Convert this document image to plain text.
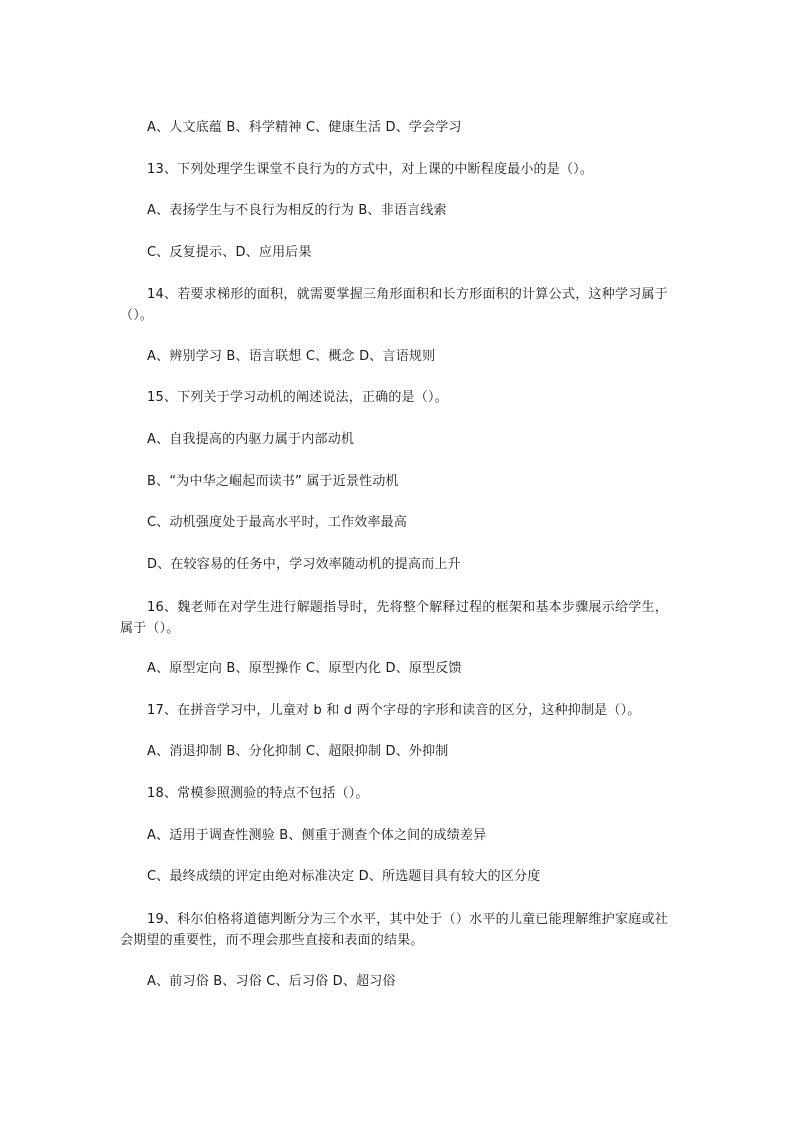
A、人文底蕴 B、科学精神 C、健康生活 D、学会学习
13、下列处理学生课堂不良行为的方式中，对上课的中断程度最小的是（）。
A、表扬学生与不良行为相反的行为 B、非语言线索
C、反复提示、D、应用后果
14、若要求梯形的面积，就需要掌握三角形面积和长方形面积的计算公式，这种学习属于（）。
A、辨别学习 B、语言联想 C、概念 D、言语规则
15、下列关于学习动机的阐述说法，正确的是（）。
A、自我提高的内驱力属于内部动机
B、“为中华之崛起而读书” 属于近景性动机
C、动机强度处于最高水平时，工作效率最高
D、在较容易的任务中，学习效率随动机的提高而上升
16、魏老师在对学生进行解题指导时，先将整个解释过程的框架和基本步骤展示给学生，属于（）。
A、原型定向 B、原型操作 C、原型内化 D、原型反馈
17、在拼音学习中，儿童对 b 和 d 两个字母的字形和读音的区分，这种抑制是（）。
A、消退抑制 B、分化抑制 C、超限抑制 D、外抑制
18、常模参照测验的特点不包括（）。
A、适用于调查性测验 B、侧重于测查个体之间的成绩差异
C、最终成绩的评定由绝对标准决定 D、所选题目具有较大的区分度
19、科尔伯格将道德判断分为三个水平，其中处于（）水平的儿童已能理解维护家庭或社会期望的重要性，而不理会那些直接和表面的结果。
A、前习俗 B、习俗 C、后习俗 D、超习俗
